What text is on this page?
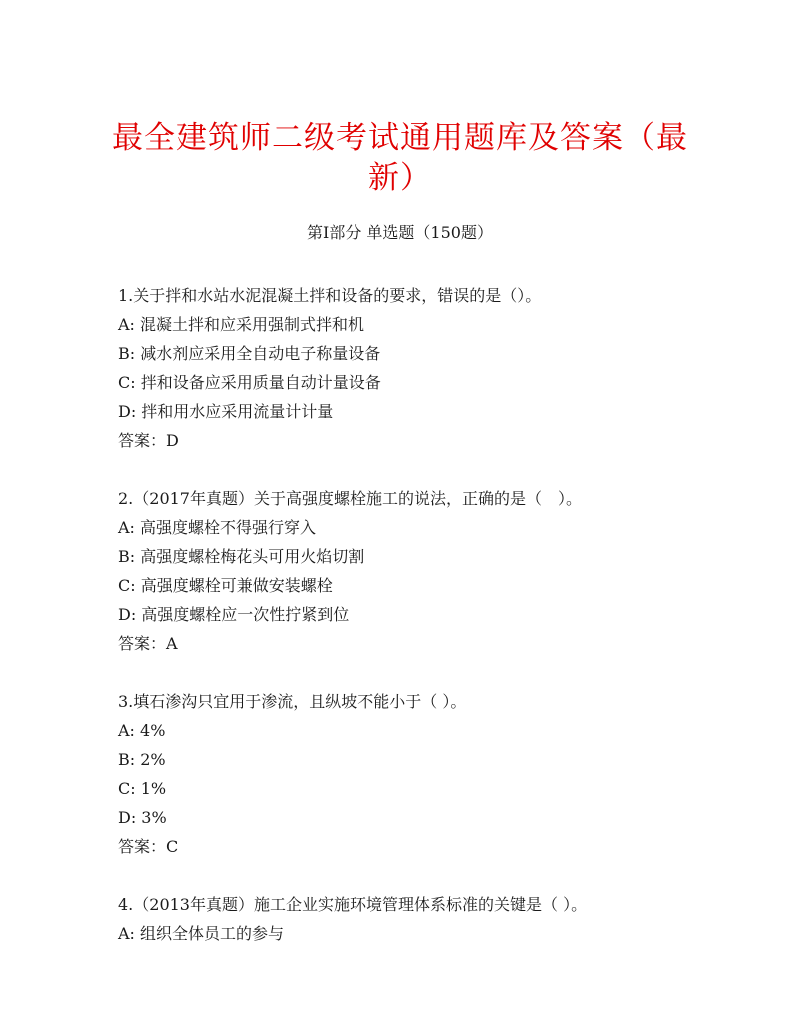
最全建筑师二级考试通用题库及答案（最新）
第I部分 单选题（150题）
1.关于拌和水站水泥混凝土拌和设备的要求，错误的是（）。
A: 混凝土拌和应采用强制式拌和机
B: 减水剂应采用全自动电子称量设备
C: 拌和设备应采用质量自动计量设备
D: 拌和用水应采用流量计计量
答案：D
2.（2017年真题）关于高强度螺栓施工的说法，正确的是（　）。
A: 高强度螺栓不得强行穿入
B: 高强度螺栓梅花头可用火焰切割
C: 高强度螺栓可兼做安装螺栓
D: 高强度螺栓应一次性拧紧到位
答案：A
3.填石渗沟只宜用于渗流，且纵坡不能小于（ ）。
A: 4%
B: 2%
C: 1%
D: 3%
答案：C
4.（2013年真题）施工企业实施环境管理体系标准的关键是（ ）。
A: 组织全体员工的参与
